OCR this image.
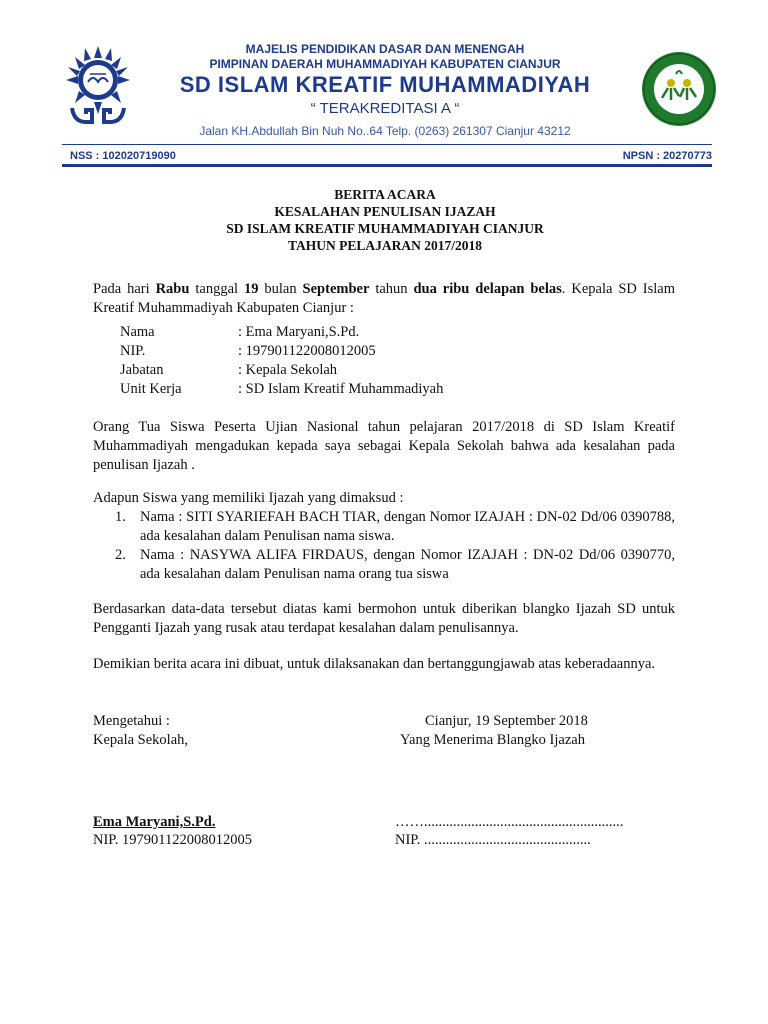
MAJELIS PENDIDIKAN DASAR DAN MENENGAH
PIMPINAN DAERAH MUHAMMADIYAH KABUPATEN CIANJUR
SD ISLAM KREATIF MUHAMMADIYAH
“ TERAKREDITASI A “
Jalan KH.Abdullah Bin Nuh No..64 Telp. (0263) 261307 Cianjur 43212
NSS : 102020719090	NPSN : 20270773
BERITA ACARA
KESALAHAN PENULISAN IJAZAH
SD ISLAM KREATIF MUHAMMADIYAH CIANJUR
TAHUN PELAJARAN 2017/2018
Pada hari Rabu tanggal 19 bulan September tahun dua ribu delapan belas. Kepala SD Islam Kreatif Muhammadiyah Kabupaten Cianjur :
Nama	: Ema Maryani,S.Pd.
NIP.	: 197901122008012005
Jabatan	: Kepala Sekolah
Unit Kerja	: SD Islam Kreatif Muhammadiyah
Orang Tua Siswa Peserta Ujian Nasional tahun pelajaran 2017/2018 di SD Islam Kreatif Muhammadiyah mengadukan kepada saya sebagai Kepala Sekolah bahwa ada kesalahan pada penulisan Ijazah .
Adapun Siswa yang memiliki Ijazah yang dimaksud :
1. Nama : SITI SYARIEFAH BACH TIAR, dengan Nomor IZAJAH : DN-02 Dd/06 0390788, ada kesalahan dalam Penulisan nama siswa.
2. Nama : NASYWA ALIFA FIRDAUS, dengan Nomor IZAJAH : DN-02 Dd/06 0390770, ada kesalahan dalam Penulisan nama orang tua siswa
Berdasarkan data-data tersebut diatas kami bermohon untuk diberikan blangko Ijazah SD untuk Pengganti Ijazah yang rusak atau terdapat kesalahan dalam penulisannya.
Demikian berita acara ini dibuat, untuk dilaksanakan dan bertanggungjawab atas keberadaannya.
Mengetahui :
Kepala Sekolah,
Cianjur, 19 September 2018
Yang Menerima Blangko Ijazah
Ema Maryani,S.Pd.
NIP. 197901122008012005
…….......................................................
NIP. ..............................................
